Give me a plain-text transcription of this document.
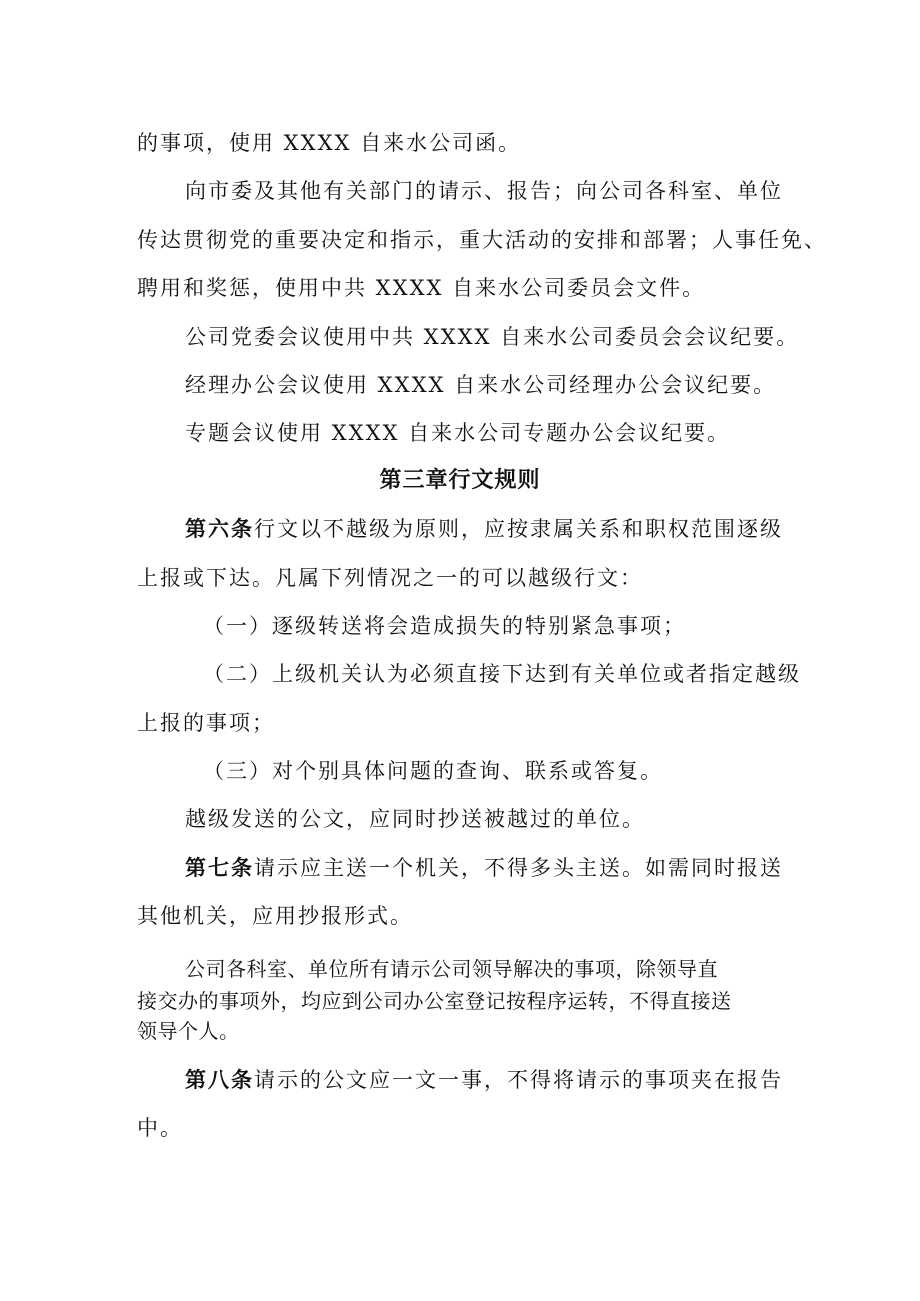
的事项，使用 XXXX 自来水公司函。

向市委及其他有关部门的请示、报告；向公司各科室、单位

传达贯彻党的重要决定和指示，重大活动的安排和部署；人事任免、

聘用和奖惩，使用中共 XXXX 自来水公司委员会文件。

公司党委会议使用中共 XXXX 自来水公司委员会会议纪要。

经理办公会议使用 XXXX 自来水公司经理办公会议纪要。

专题会议使用 XXXX 自来水公司专题办公会议纪要。

第三章行文规则

第六条行文以不越级为原则，应按隶属关系和职权范围逐级

上报或下达。凡属下列情况之一的可以越级行文：

（一）逐级转送将会造成损失的特别紧急事项；

（二）上级机关认为必须直接下达到有关单位或者指定越级

上报的事项；

（三）对个别具体问题的查询、联系或答复。

越级发送的公文，应同时抄送被越过的单位。

第七条请示应主送一个机关，不得多头主送。如需同时报送

其他机关，应用抄报形式。

公司各科室、单位所有请示公司领导解决的事项，除领导直

接交办的事项外，均应到公司办公室登记按程序运转，不得直接送

领导个人。

第八条请示的公文应一文一事，不得将请示的事项夹在报告

中。
